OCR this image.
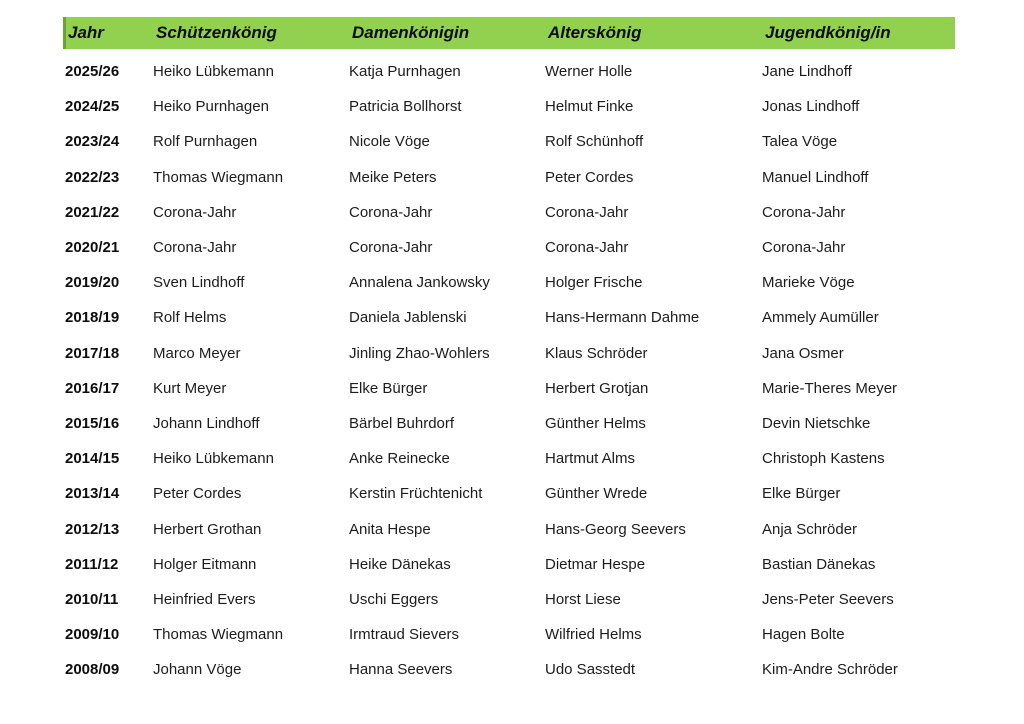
Jahr	Schützenkönig	Damenkönigin	Alterskönig	Jugendkönig/in
2025/26	Heiko Lübkemann	Katja Purnhagen	Werner Holle	Jane Lindhoff
2024/25	Heiko Purnhagen	Patricia Bollhorst	Helmut Finke	Jonas Lindhoff
2023/24	Rolf Purnhagen	Nicole Vöge	Rolf Schünhoff	Talea Vöge
2022/23	Thomas Wiegmann	Meike Peters	Peter Cordes	Manuel Lindhoff
2021/22	Corona-Jahr	Corona-Jahr	Corona-Jahr	Corona-Jahr
2020/21	Corona-Jahr	Corona-Jahr	Corona-Jahr	Corona-Jahr
2019/20	Sven Lindhoff	Annalena Jankowsky	Holger Frische	Marieke Vöge
2018/19	Rolf Helms	Daniela Jablenski	Hans-Hermann Dahme	Ammely Aumüller
2017/18	Marco Meyer	Jinling Zhao-Wohlers	Klaus Schröder	Jana Osmer
2016/17	Kurt Meyer	Elke Bürger	Herbert Grotjan	Marie-Theres Meyer
2015/16	Johann Lindhoff	Bärbel Buhrdorf	Günther Helms	Devin Nietschke
2014/15	Heiko Lübkemann	Anke Reinecke	Hartmut Alms	Christoph Kastens
2013/14	Peter Cordes	Kerstin Früchtenicht	Günther Wrede	Elke Bürger
2012/13	Herbert Grothan	Anita Hespe	Hans-Georg Seevers	Anja Schröder
2011/12	Holger Eitmann	Heike Dänekas	Dietmar Hespe	Bastian Dänekas
2010/11	Heinfried Evers	Uschi Eggers	Horst Liese	Jens-Peter Seevers
2009/10	Thomas Wiegmann	Irmtraud Sievers	Wilfried Helms	Hagen Bolte
2008/09	Johann Vöge	Hanna Seevers	Udo Sasstedt	Kim-Andre Schröder
